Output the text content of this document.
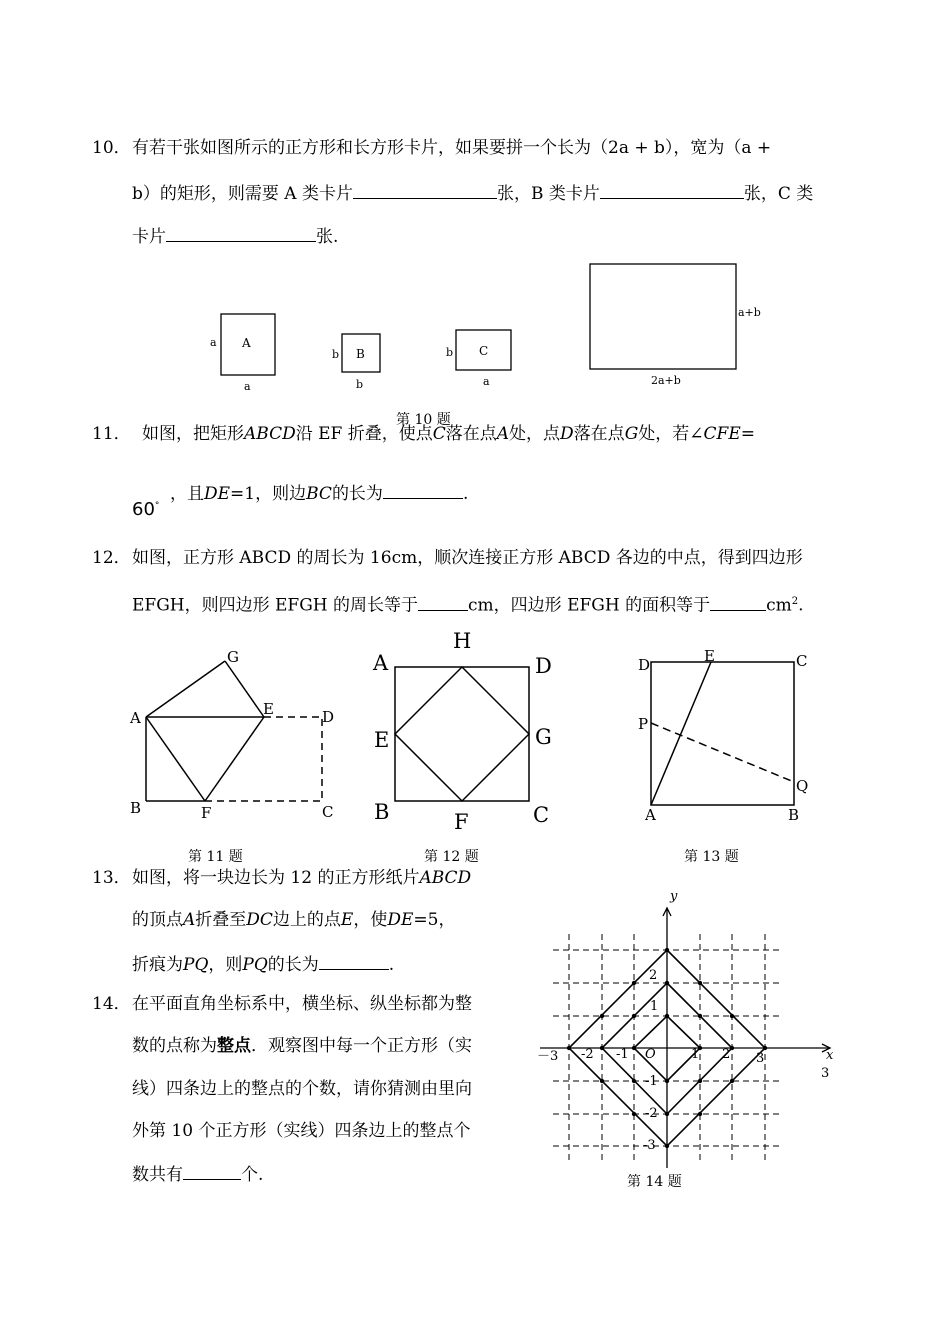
10． 有若干张如图所示的正方形和长方形卡片，如果要拼一个长为（2a + b），宽为（a +
b）的矩形，则需要 A 类卡片	张，B 类卡片	张，C 类
卡片	张.
A
a
a
B
b
b
C
b
a
a+b
2a+b
第 10 题
11． 如图，把矩形ABCD沿 EF 折叠，使点C落在点A处，点D落在点G处，若∠CFE=
60°
，且DE=1，则边BC的长为	.
12． 如图，正方形 ABCD 的周长为 16cm，顺次连接正方形 ABCD 各边的中点，得到四边形
EFGH，则四边形 EFGH 的周长等于	cm，四边形 EFGH 的面积等于	$cm^2$.
G
A	E	D
B	F	C
第 11 题
H
A	D
E	G
B	F	C
第 12 题
D	E	C
P
Q
A	B
第 13 题
13． 如图，将一块边长为 12 的正方形纸片ABCD
的顶点A折叠至DC边上的点E，使DE=5，
折痕为PQ，则PQ的长为	.
14． 在平面直角坐标系中，横坐标、纵坐标都为整
数的点称为整点．观察图中每一个正方形（实
线）四条边上的整点的个数，请你猜测由里向
外第 10 个正方形（实线）四条边上的整点个
数共有	个.
x
3
y
O
－3 -2 -1	1 2 3
2
1
-1
-2
-3
第 14 题
